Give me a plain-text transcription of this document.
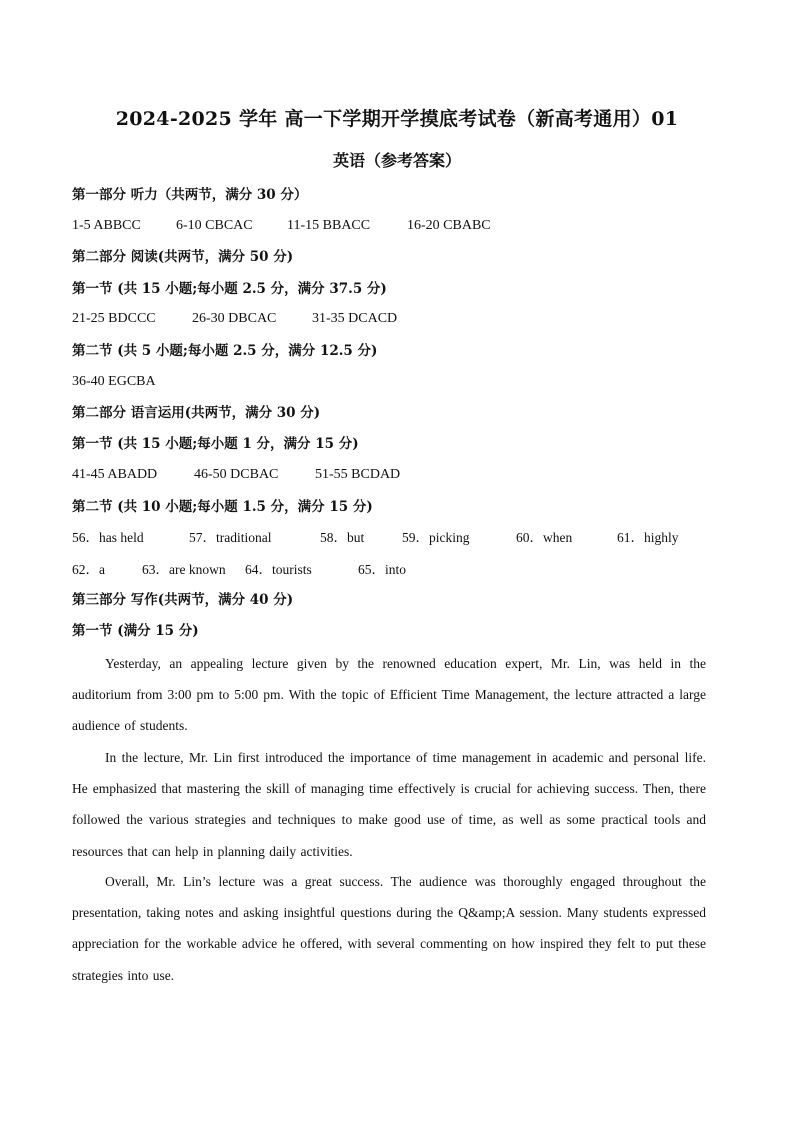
2024-2025 学年 高一下学期开学摸底考试卷（新高考通用）01
英语（参考答案）
第一部分 听力（共两节，满分 30 分）
1-5 ABBCC	6-10 CBCAC 11-15 BBACC	16-20 CBABC
第二部分 阅读(共两节，满分 50 分)
第一节 (共 15 小题;每小题 2.5 分，满分 37.5 分)
21-25 BDCCC	26-30 DBCAC	31-35 DCACD
第二节 (共 5 小题;每小题 2.5 分，满分 12.5 分)
36-40 EGCBA
第二部分 语言运用(共两节，满分 30 分)
第一节 (共 15 小题;每小题 1 分，满分 15 分)
41-45 ABADD	46-50 DCBAC	51-55 BCDAD
第二节 (共 10 小题;每小题 1.5 分，满分 15 分)
56．has held	57．traditional	58．but	59．picking	60．when	61．highly
62．a	63．are known 64．tourists	65．into
第三部分 写作(共两节，满分 40 分)
第一节 (满分 15 分)
Yesterday, an appealing lecture given by the renowned education expert, Mr. Lin, was held in the auditorium from 3:00 pm to 5:00 pm. With the topic of Efficient Time Management, the lecture attracted a large audience of students.
In the lecture, Mr. Lin first introduced the importance of time management in academic and personal life. He emphasized that mastering the skill of managing time effectively is crucial for achieving success. Then, there followed the various strategies and techniques to make good use of time, as well as some practical tools and resources that can help in planning daily activities.
Overall, Mr. Lin’s lecture was a great success. The audience was thoroughly engaged throughout the presentation, taking notes and asking insightful questions during the Q&amp;A session. Many students expressed appreciation for the workable advice he offered, with several commenting on how inspired they felt to put these strategies into use.
